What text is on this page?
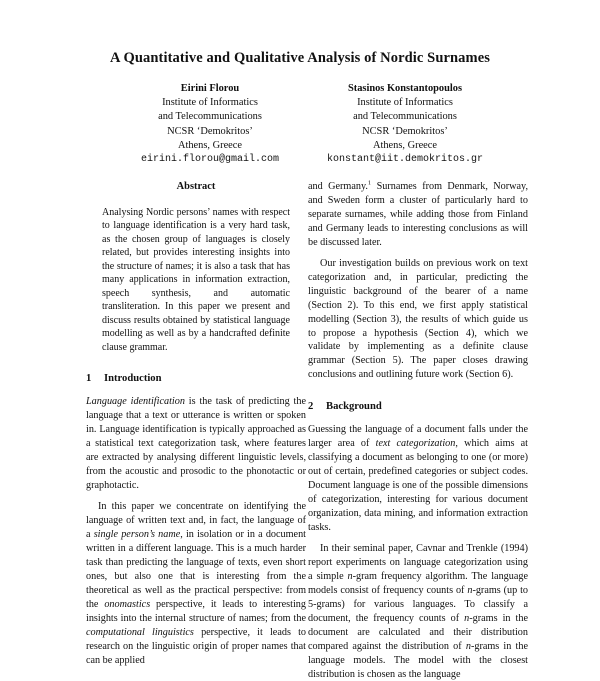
A Quantitative and Qualitative Analysis of Nordic Surnames
Eirini Florou
Institute of Informatics
and Telecommunications
NCSR ‘Demokritos’
Athens, Greece
eirini.florou@gmail.com
Stasinos Konstantopoulos
Institute of Informatics
and Telecommunications
NCSR ‘Demokritos’
Athens, Greece
konstant@iit.demokritos.gr
Abstract

Analysing Nordic persons’ names with respect to language identification is a very hard task, as the chosen group of languages is closely related, but provides interesting insights into the structure of names; it is also a task that has many applications in information extraction, speech synthesis, and automatic transliteration. In this paper we present and discuss results obtained by statistical language modelling as well as by a handcrafted definite clause grammar.

1 Introduction

Language identification is the task of predicting the language that a text or utterance is written or spoken in. Language identification is typically approached as a statistical text categorization task, where features are extracted by analysing different linguistic levels, from the acoustic and prosodic to the phonotactic or graphotactic.

In this paper we concentrate on identifying the language of written text and, in fact, the language of a single person’s name, in isolation or in a document written in a different language. This is a much harder task than predicting the language of texts, even short ones, but also one that is interesting from the theoretical as well as the practical perspective: from the onomastics perspective, it leads to interesting insights into the internal structure of names; from the computational linguistics perspective, it leads to research on the linguistic origin of proper names that can be applied

and Germany.$^1$ Surnames from Denmark, Norway, and Sweden form a cluster of particularly hard to separate surnames, while adding those from Finland and Germany leads to interesting conclusions as will be discussed later.

Our investigation builds on previous work on text categorization and, in particular, predicting the linguistic background of the bearer of a name (Section 2). To this end, we first apply statistical modelling (Section 3), the results of which guide us to propose a hypothesis (Section 4), which we validate by implementing as a definite clause grammar (Section 5). The paper closes drawing conclusions and outlining future work (Section 6).

2 Background

Guessing the language of a document falls under the larger area of text categorization, which aims at classifying a document as belonging to one (or more) out of certain, predefined categories or subject codes. Document language is one of the possible dimensions of categorization, interesting for various document organization, data mining, and information extraction tasks.

In their seminal paper, Cavnar and Trenkle (1994) report experiments on language categorization using a simple n-gram frequency algorithm. The language models consist of frequency counts of n-grams (up to 5-grams) for various languages. To classify a document, the frequency counts of n-grams in the document are calculated and their distribution compared against the distribution of n-grams in the language models. The model with the closest distribution is chosen as the language
